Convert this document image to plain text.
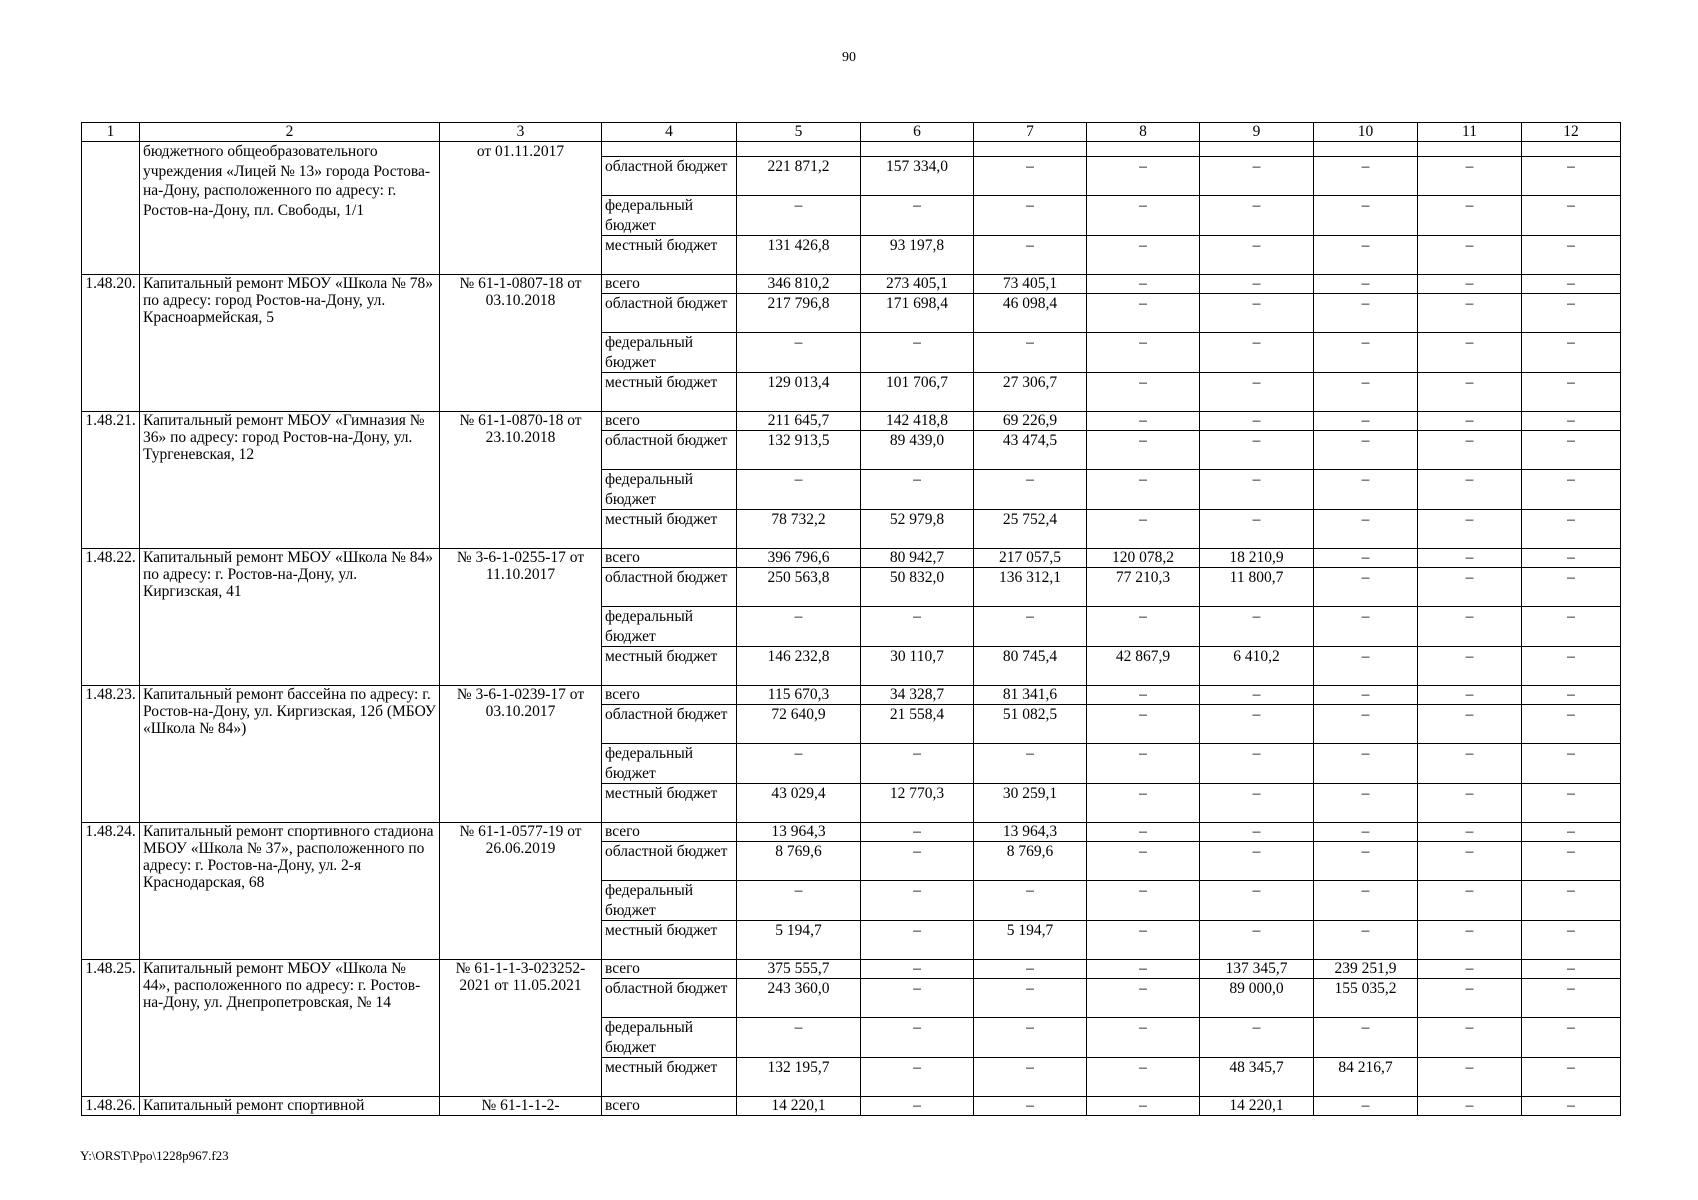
90
1	2	3	4	5	6	7	8	9	10	11	12
	бюджетного общеобразовательного учреждения «Лицей № 13» города Ростова-на-Дону, расположенного по адресу: г. Ростов-на-Дону, пл. Свободы, 1/1	от 01.11.2017									
			областной бюджет	221 871,2	157 334,0	–	–	–	–	–	–
			федеральный бюджет	–	–	–	–	–	–	–	–
			местный бюджет	131 426,8	93 197,8	–	–	–	–	–	–
1.48.20.	Капитальный ремонт МБОУ «Школа № 78» по адресу: город Ростов-на-Дону, ул. Красноармейская, 5	№ 61-1-0807-18 от 03.10.2018	всего	346 810,2	273 405,1	73 405,1	–	–	–	–	–
			областной бюджет	217 796,8	171 698,4	46 098,4	–	–	–	–	–
			федеральный бюджет	–	–	–	–	–	–	–	–
			местный бюджет	129 013,4	101 706,7	27 306,7	–	–	–	–	–
1.48.21.	Капитальный ремонт МБОУ «Гимназия № 36» по адресу: город Ростов-на-Дону, ул. Тургеневская, 12	№ 61-1-0870-18 от 23.10.2018	всего	211 645,7	142 418,8	69 226,9	–	–	–	–	–
			областной бюджет	132 913,5	89 439,0	43 474,5	–	–	–	–	–
			федеральный бюджет	–	–	–	–	–	–	–	–
			местный бюджет	78 732,2	52 979,8	25 752,4	–	–	–	–	–
1.48.22.	Капитальный ремонт МБОУ «Школа № 84» по адресу: г. Ростов-на-Дону, ул. Киргизская, 41	№ 3-6-1-0255-17 от 11.10.2017	всего	396 796,6	80 942,7	217 057,5	120 078,2	18 210,9	–	–	–
			областной бюджет	250 563,8	50 832,0	136 312,1	77 210,3	11 800,7	–	–	–
			федеральный бюджет	–	–	–	–	–	–	–	–
			местный бюджет	146 232,8	30 110,7	80 745,4	42 867,9	6 410,2	–	–	–
1.48.23.	Капитальный ремонт бассейна по адресу: г. Ростов-на-Дону, ул. Киргизская, 12б (МБОУ «Школа № 84»)	№ 3-6-1-0239-17 от 03.10.2017	всего	115 670,3	34 328,7	81 341,6	–	–	–	–	–
			областной бюджет	72 640,9	21 558,4	51 082,5	–	–	–	–	–
			федеральный бюджет	–	–	–	–	–	–	–	–
			местный бюджет	43 029,4	12 770,3	30 259,1	–	–	–	–	–
1.48.24.	Капитальный ремонт спортивного стадиона МБОУ «Школа № 37», расположенного по адресу: г. Ростов-на-Дону, ул. 2-я Краснодарская, 68	№ 61-1-0577-19 от 26.06.2019	всего	13 964,3	–	13 964,3	–	–	–	–	–
			областной бюджет	8 769,6	–	8 769,6	–	–	–	–	–
			федеральный бюджет	–	–	–	–	–	–	–	–
			местный бюджет	5 194,7	–	5 194,7	–	–	–	–	–
1.48.25.	Капитальный ремонт МБОУ «Школа № 44», расположенного по адресу: г. Ростов-на-Дону, ул. Днепропетровская, № 14	№ 61-1-1-3-023252-2021 от 11.05.2021	всего	375 555,7	–	–	–	137 345,7	239 251,9	–	–
			областной бюджет	243 360,0	–	–	–	89 000,0	155 035,2	–	–
			федеральный бюджет	–	–	–	–	–	–	–	–
			местный бюджет	132 195,7	–	–	–	48 345,7	84 216,7	–	–
1.48.26.	Капитальный ремонт спортивной	№ 61-1-1-2-	всего	14 220,1	–	–	–	14 220,1	–	–	–
Y:\ORST\Ppo\1228p967.f23
